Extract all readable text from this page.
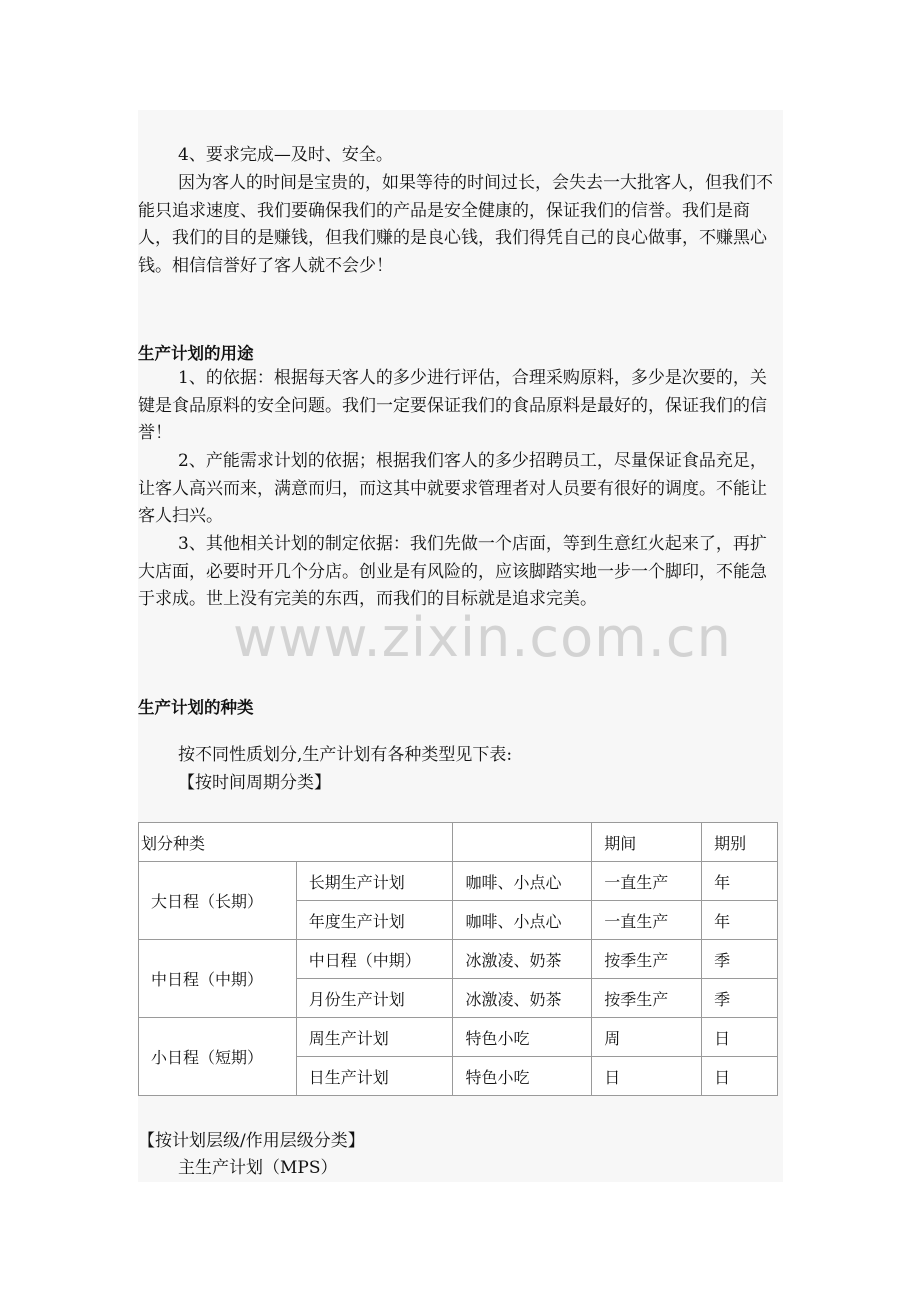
4、要求完成—及时、安全。

因为客人的时间是宝贵的，如果等待的时间过长，会失去一大批客人，但我们不能只追求速度、我们要确保我们的产品是安全健康的，保证我们的信誉。我们是商人，我们的目的是赚钱，但我们赚的是良心钱，我们得凭自己的良心做事，不赚黑心钱。相信信誉好了客人就不会少！

生产计划的用途

1、的依据：根据每天客人的多少进行评估，合理采购原料，多少是次要的，关键是食品原料的安全问题。我们一定要保证我们的食品原料是最好的，保证我们的信誉！

2、产能需求计划的依据；根据我们客人的多少招聘员工，尽量保证食品充足，让客人高兴而来，满意而归，而这其中就要求管理者对人员要有很好的调度。不能让客人扫兴。

3、其他相关计划的制定依据：我们先做一个店面，等到生意红火起来了，再扩大店面，必要时开几个分店。创业是有风险的，应该脚踏实地一步一个脚印，不能急于求成。世上没有完美的东西，而我们的目标就是追求完美。

www.zixin.com.cn

生产计划的种类

按不同性质划分,生产计划有各种类型见下表:

【按时间周期分类】

划分种类			期间	期别
大日程（长期）	长期生产计划	咖啡、小点心	一直生产	年
	年度生产计划	咖啡、小点心	一直生产	年
中日程（中期）	中日程（中期）	冰激凌、奶茶	按季生产	季
	月份生产计划	冰激凌、奶茶	按季生产	季
小日程（短期）	周生产计划	特色小吃	周	日
	日生产计划	特色小吃	日	日

【按计划层级/作用层级分类】

主生产计划（MPS）
